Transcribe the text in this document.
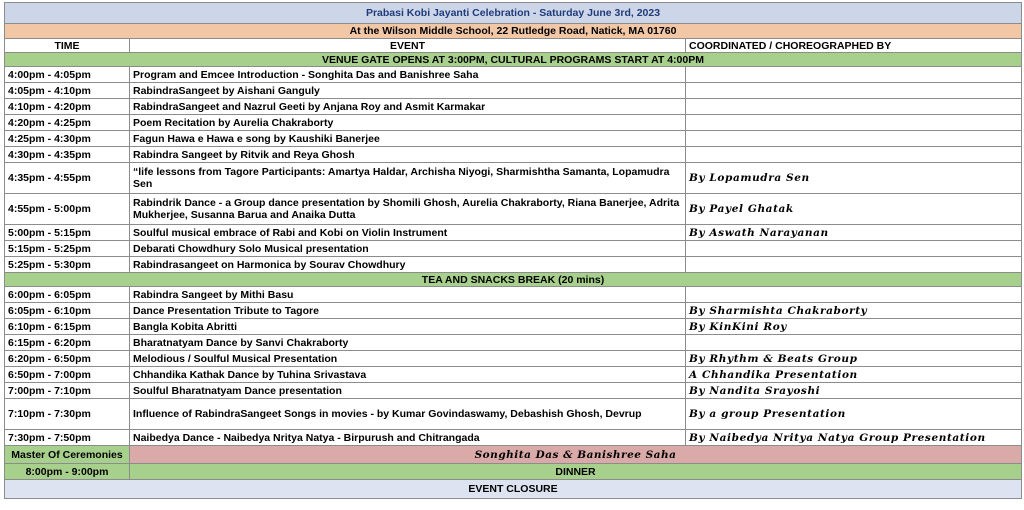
Prabasi Kobi Jayanti Celebration - Saturday June 3rd, 2023		
At the Wilson Middle School, 22 Rutledge Road, Natick, MA 01760		
TIME	EVENT	COORDINATED / CHOREOGRAPHED BY
VENUE GATE OPENS AT 3:00PM, CULTURAL PROGRAMS START AT 4:00PM		
4:00pm - 4:05pm	Program and Emcee Introduction - Songhita Das and Banishree Saha	
4:05pm - 4:10pm	RabindraSangeet by Aishani Ganguly	
4:10pm - 4:20pm	RabindraSangeet and Nazrul Geeti by Anjana Roy and Asmit Karmakar	
4:20pm - 4:25pm	Poem Recitation by Aurelia Chakraborty	
4:25pm - 4:30pm	Fagun Hawa e Hawa e song by Kaushiki Banerjee	
4:30pm - 4:35pm	Rabindra Sangeet by Ritvik and Reya Ghosh	
4:35pm - 4:55pm	“life lessons from Tagore Participants: Amartya Haldar, Archisha Niyogi, Sharmishtha Samanta, Lopamudra Sen	By Lopamudra Sen
4:55pm - 5:00pm	Rabindrik Dance - a Group dance presentation by Shomili Ghosh, Aurelia Chakraborty, Riana Banerjee, Adrita Mukherjee, Susanna Barua and Anaika Dutta	By Payel Ghatak
5:00pm - 5:15pm	Soulful musical embrace of Rabi and Kobi on Violin Instrument	By Aswath Narayanan
5:15pm - 5:25pm	Debarati Chowdhury Solo Musical presentation	
5:25pm - 5:30pm	Rabindrasangeet on Harmonica by Sourav Chowdhury	
TEA AND SNACKS BREAK (20 mins)		
6:00pm - 6:05pm	Rabindra Sangeet by Mithi Basu	
6:05pm - 6:10pm	Dance Presentation Tribute to Tagore	By Sharmishta Chakraborty
6:10pm - 6:15pm	Bangla Kobita Abritti	By KinKini Roy
6:15pm - 6:20pm	Bharatnatyam Dance by Sanvi Chakraborty	
6:20pm - 6:50pm	Melodious / Soulful Musical Presentation	By Rhythm & Beats Group
6:50pm - 7:00pm	Chhandika Kathak Dance by Tuhina Srivastava	A Chhandika Presentation
7:00pm - 7:10pm	Soulful Bharatnatyam Dance presentation	By Nandita Srayoshi
7:10pm - 7:30pm	Influence of RabindraSangeet Songs in movies - by Kumar Govindaswamy, Debashish Ghosh, Devrup	By a group Presentation
7:30pm - 7:50pm	Naibedya Dance - Naibedya Nritya Natya - Birpurush and Chitrangada	By Naibedya Nritya Natya Group Presentation
Master Of Ceremonies	Songhita Das & Banishree Saha	
8:00pm - 9:00pm	DINNER	
EVENT CLOSURE		
